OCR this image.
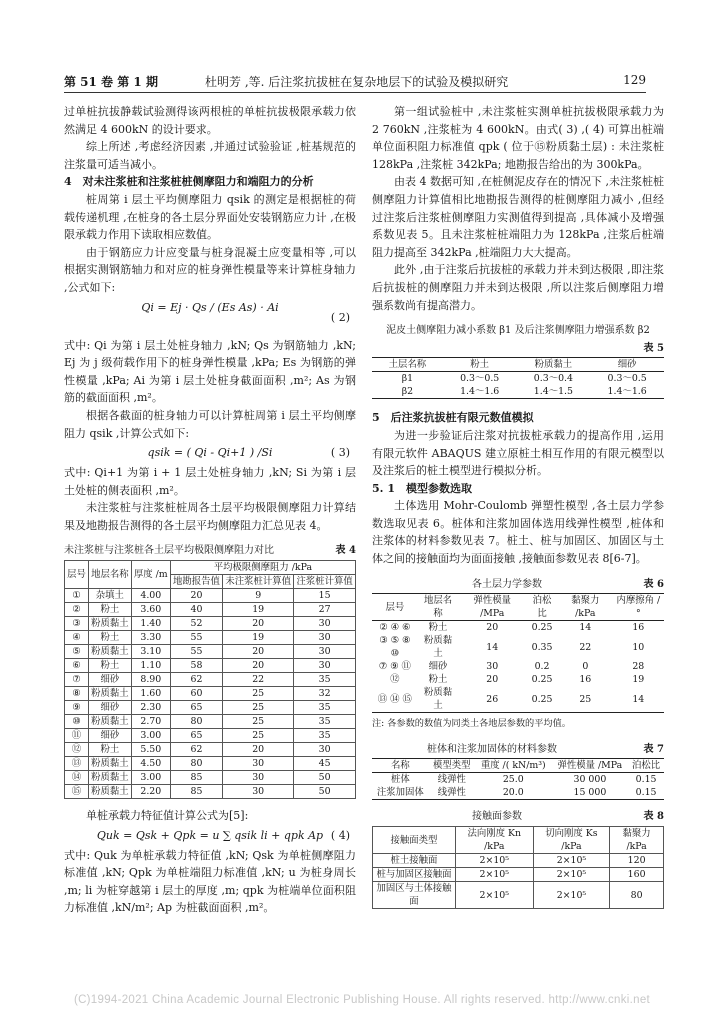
第 51 卷 第 1 期	杜明芳 ,等. 后注浆抗拔桩在复杂地层下的试验及模拟研究	129

过单桩抗拔静载试验测得该两根桩的单桩抗拔极限承载力依然满足 4 600kN 的设计要求。

综上所述 ,考虑经济因素 ,并通过试验验证 ,桩基规范的注浆量可适当减小。

4　对未注浆桩和注浆桩桩侧摩阻力和端阻力的分析

桩周第 i 层土平均侧摩阻力 qsik 的测定是根据桩的荷载传递机理 ,在桩身的各土层分界面处安装钢筋应力计 ,在极限承载力作用下读取相应数值。

由于钢筋应力计应变量与桩身混凝土应变量相等 ,可以根据实测钢筋轴力和对应的桩身弹性模量等来计算桩身轴力 ,公式如下:

Qi = Ej · Qs / (Es As) · Ai
( 2)

式中: Qi 为第 i 层土处桩身轴力 ,kN; Qs 为钢筋轴力 ,kN; Ej 为 j 级荷载作用下的桩身弹性模量 ,kPa; Es 为钢筋的弹性模量 ,kPa; Ai 为第 i 层土处桩身截面面积 ,m²; As 为钢筋的截面面积 ,m²。

根据各截面的桩身轴力可以计算桩周第 i 层土平均侧摩阻力 qsik ,计算公式如下:

qsik = ( Qi - Qi+1 ) /Si	( 3)

式中: Qi+1 为第 i + 1 层土处桩身轴力 ,kN; Si 为第 i 层土处桩的侧表面积 ,m²。

未注浆桩与注浆桩桩周各土层平均极限侧摩阻力计算结果及地勘报告测得的各土层平均侧摩阻力汇总见表 4。

未注浆桩与注浆桩各土层平均极限侧摩阻力对比	表 4
层号	地层名称	厚度 /m	平均极限侧摩阻力 /kPa		
			地勘报告值	未注浆桩计算值	注浆桩计算值
①	杂填土	4.00	20	9	15
②	粉土	3.60	40	19	27
③	粉质黏土	1.40	52	20	30
④	粉土	3.30	55	19	30
⑤	粉质黏土	3.10	55	20	30
⑥	粉土	1.10	58	20	30
⑦	细砂	8.90	62	22	35
⑧	粉质黏土	1.60	60	25	32
⑨	细砂	2.30	65	25	35
⑩	粉质黏土	2.70	80	25	35
⑪	细砂	3.00	65	25	35
⑫	粉土	5.50	62	20	30
⑬	粉质黏土	4.50	80	30	45
⑭	粉质黏土	3.00	85	30	50
⑮	粉质黏土	2.20	85	30	50

单桩承载力特征值计算公式为[5]:

Quk = Qsk + Qpk = u ∑ qsik li + qpk Ap ( 4)

式中: Quk 为单桩承载力特征值 ,kN; Qsk 为单桩侧摩阻力标准值 ,kN; Qpk 为单桩端阻力标准值 ,kN; u 为桩身周长 ,m; li 为桩穿越第 i 层土的厚度 ,m; qpk 为桩端单位面积阻力标准值 ,kN/m²; Ap 为桩截面面积 ,m²。

第一组试验桩中 ,未注浆桩实测单桩抗拔极限承载力为 2 760kN ,注浆桩为 4 600kN。由式( 3) ,( 4) 可算出桩端单位面积阻力标准值 qpk ( 位于⑮粉质黏土层) : 未注浆桩 128kPa ,注浆桩 342kPa; 地勘报告给出的为 300kPa。

由表 4 数据可知 ,在桩侧泥皮存在的情况下 ,未注浆桩桩侧摩阻力计算值相比地勘报告测得的桩侧摩阻力减小 ,但经过注浆后注浆桩侧摩阻力实测值得到提高 ,具体减小及增强系数见表 5。且未注浆桩桩端阻力为 128kPa ,注浆后桩端阻力提高至 342kPa ,桩端阻力大大提高。

此外 ,由于注浆后抗拔桩的承载力并未到达极限 ,即注浆后抗拔桩的侧摩阻力并未到达极限 ,所以注浆后侧摩阻力增强系数尚有提高潜力。

泥皮土侧摩阻力减小系数 β1 及后注浆侧摩阻力增强系数 β2
表 5
土层名称	粉土	粉质黏土	细砂
β1	0.3～0.5	0.3～0.4	0.3～0.5
β2	1.4～1.6	1.4～1.5	1.4～1.6
5　后注浆抗拔桩有限元数值模拟

为进一步验证后注浆对抗拔桩承载力的提高作用 ,运用有限元软件 ABAQUS 建立原桩土相互作用的有限元模型以及注浆后的桩土模型进行模拟分析。

5. 1　模型参数选取

土体选用 Mohr-Coulomb 弹塑性模型 ,各土层力学参数选取见表 6。桩体和注浆加固体选用线弹性模型 ,桩体和注浆体的材料参数见表 7。桩土、桩与加固区、加固区与土体之间的接触面均为面面接触 ,接触面参数见表 8[6-7]。

各土层力学参数	表 6
层号	地层名称	弹性模量 /MPa	泊松比	黏聚力 /kPa	内摩擦角 /°
② ④ ⑥	粉土	20	0.25	14	16
③ ⑤ ⑧ ⑩	粉质黏土	14	0.35	22	10
⑦ ⑨ ⑪	细砂	30	0.2	0	28
⑫	粉土	20	0.25	16	19
⑬ ⑭ ⑮	粉质黏土	26	0.25	25	14
注: 各参数的数值为同类土各地层参数的平均值。
桩体和注浆加固体的材料参数	表 7
名称	模型类型	重度 /( kN/m³)	弹性模量 /MPa	泊松比
桩体	线弹性	25.0	30 000	0.15
注浆加固体	线弹性	20.0	15 000	0.15
接触面参数	表 8
接触面类型	法向刚度 Kn /kPa	切向刚度 Ks /kPa	黏聚力 /kPa
桩土接触面	2×10⁵	2×10⁵	120
桩与加固区接触面	2×10⁵	2×10⁵	160
加固区与土体接触面	2×10⁵	2×10⁵	80
(C)1994-2021 China Academic Journal Electronic Publishing House. All rights reserved. http://www.cnki.net
